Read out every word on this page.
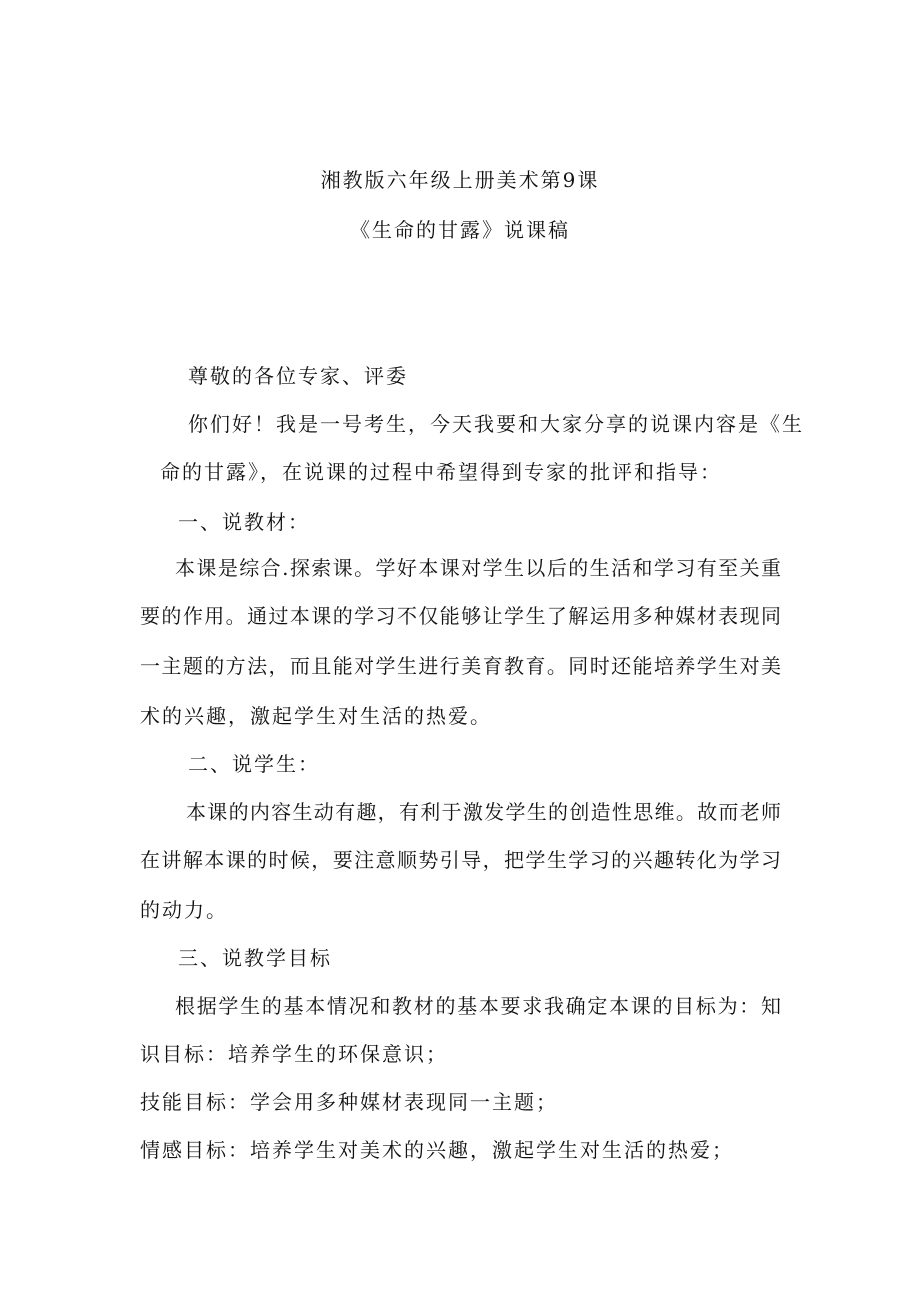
湘教版六年级上册美术第9课
《生命的甘露》说课稿
尊敬的各位专家、评委
你们好！我是一号考生，今天我要和大家分享的说课内容是《生
命的甘露》，在说课的过程中希望得到专家的批评和指导：
一、说教材：
本课是综合.探索课。学好本课对学生以后的生活和学习有至关重
要的作用。通过本课的学习不仅能够让学生了解运用多种媒材表现同
一主题的方法，而且能对学生进行美育教育。同时还能培养学生对美
术的兴趣，激起学生对生活的热爱。
二、说学生：
本课的内容生动有趣，有利于激发学生的创造性思维。故而老师
在讲解本课的时候，要注意顺势引导，把学生学习的兴趣转化为学习
的动力。
三、说教学目标
根据学生的基本情况和教材的基本要求我确定本课的目标为：知
识目标：培养学生的环保意识；
技能目标：学会用多种媒材表现同一主题；
情感目标：培养学生对美术的兴趣，激起学生对生活的热爱；
